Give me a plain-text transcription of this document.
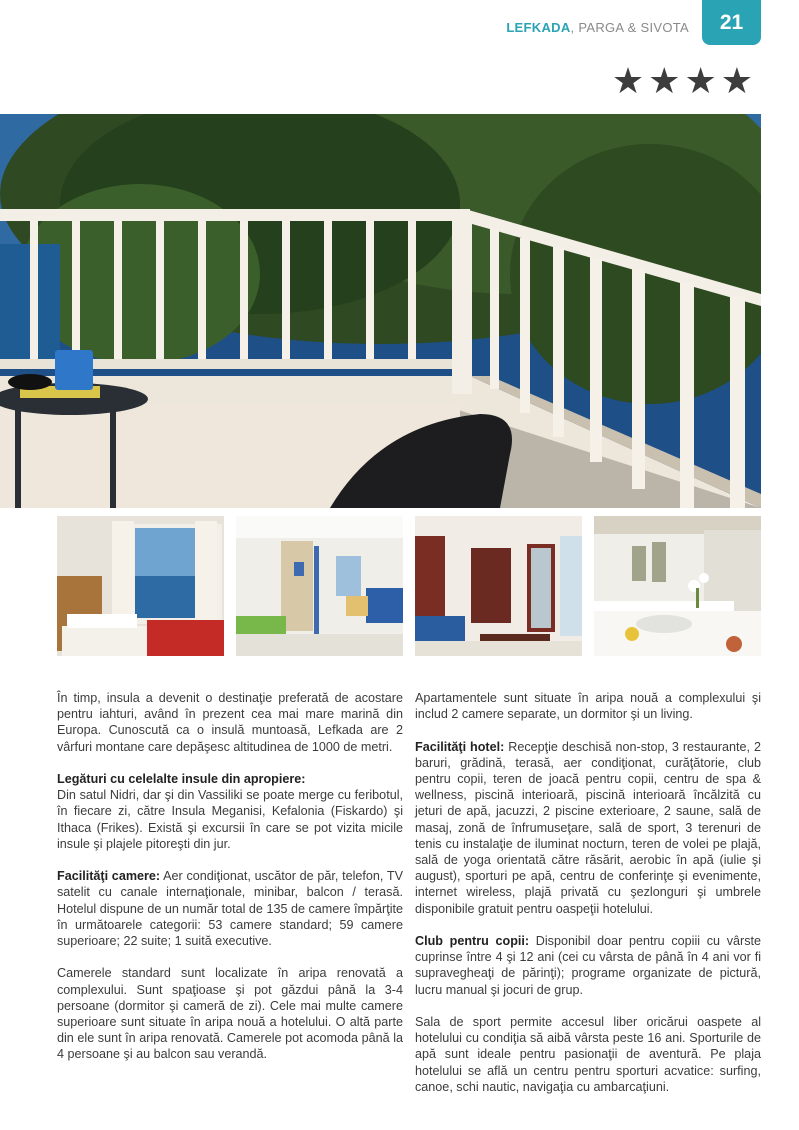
LEFKADA, PARGA & SIVOTA	21
★★★★

În timp, insula a devenit o destinaţie preferată de acostare pentru iahturi, având în prezent cea mai mare marină din Europa. Cunoscută ca o insulă muntoasă, Lefkada are 2 vârfuri montane care depăşesc altitudinea de 1000 de metri.

Legături cu celelalte insule din apropiere:
Din satul Nidri, dar şi din Vassiliki se poate merge cu feribotul, în fiecare zi, către Insula Meganisi, Kefalonia (Fiskardo) şi Ithaca (Frikes). Există şi excursii în care se pot vizita micile insule şi plajele pitoreşti din jur.

Facilităţi camere: Aer condiţionat, uscător de păr, telefon, TV satelit cu canale internaţionale, minibar, balcon / terasă. Hotelul dispune de un număr total de 135 de camere împărţite în următoarele categorii: 53 camere standard; 59 camere superioare; 22 suite; 1 suită executive.

Camerele standard sunt localizate în aripa renovată a complexului. Sunt spaţioase şi pot găzdui până la 3-4 persoane (dormitor şi cameră de zi). Cele mai multe camere superioare sunt situate în aripa nouă a hotelului. O altă parte din ele sunt în aripa renovată. Camerele pot acomoda până la 4 persoane şi au balcon sau verandă.

Apartamentele sunt situate în aripa nouă a complexului şi includ 2 camere separate, un dormitor şi un living.

Facilităţi hotel: Recepţie deschisă non-stop, 3 restaurante, 2 baruri, grădină, terasă, aer condiţionat, curăţătorie, club pentru copii, teren de joacă pentru copii, centru de spa & wellness, piscină interioară, piscină interioară încălzită cu jeturi de apă, jacuzzi, 2 piscine exterioare, 2 saune, sală de masaj, zonă de înfrumuseţare, sală de sport, 3 terenuri de tenis cu instalaţie de iluminat nocturn, teren de volei pe plajă, sală de yoga orientată către răsărit, aerobic în apă (iulie şi august), sporturi pe apă, centru de conferinţe şi evenimente, internet wireless, plajă privată cu şezlonguri şi umbrele disponibile gratuit pentru oaspeţii hotelului.

Club pentru copii: Disponibil doar pentru copiii cu vârste cuprinse între 4 şi 12 ani (cei cu vârsta de până în 4 ani vor fi supravegheaţi de părinţi); programe organizate de pictură, lucru manual şi jocuri de grup.

Sala de sport permite accesul liber oricărui oaspete al hotelului cu condiţia să aibă vârsta peste 16 ani. Sporturile de apă sunt ideale pentru pasionaţii de aventură. Pe plaja hotelului se află un centru pentru sporturi acvatice: surfing, canoe, schi nautic, navigaţia cu ambarcaţiuni.
